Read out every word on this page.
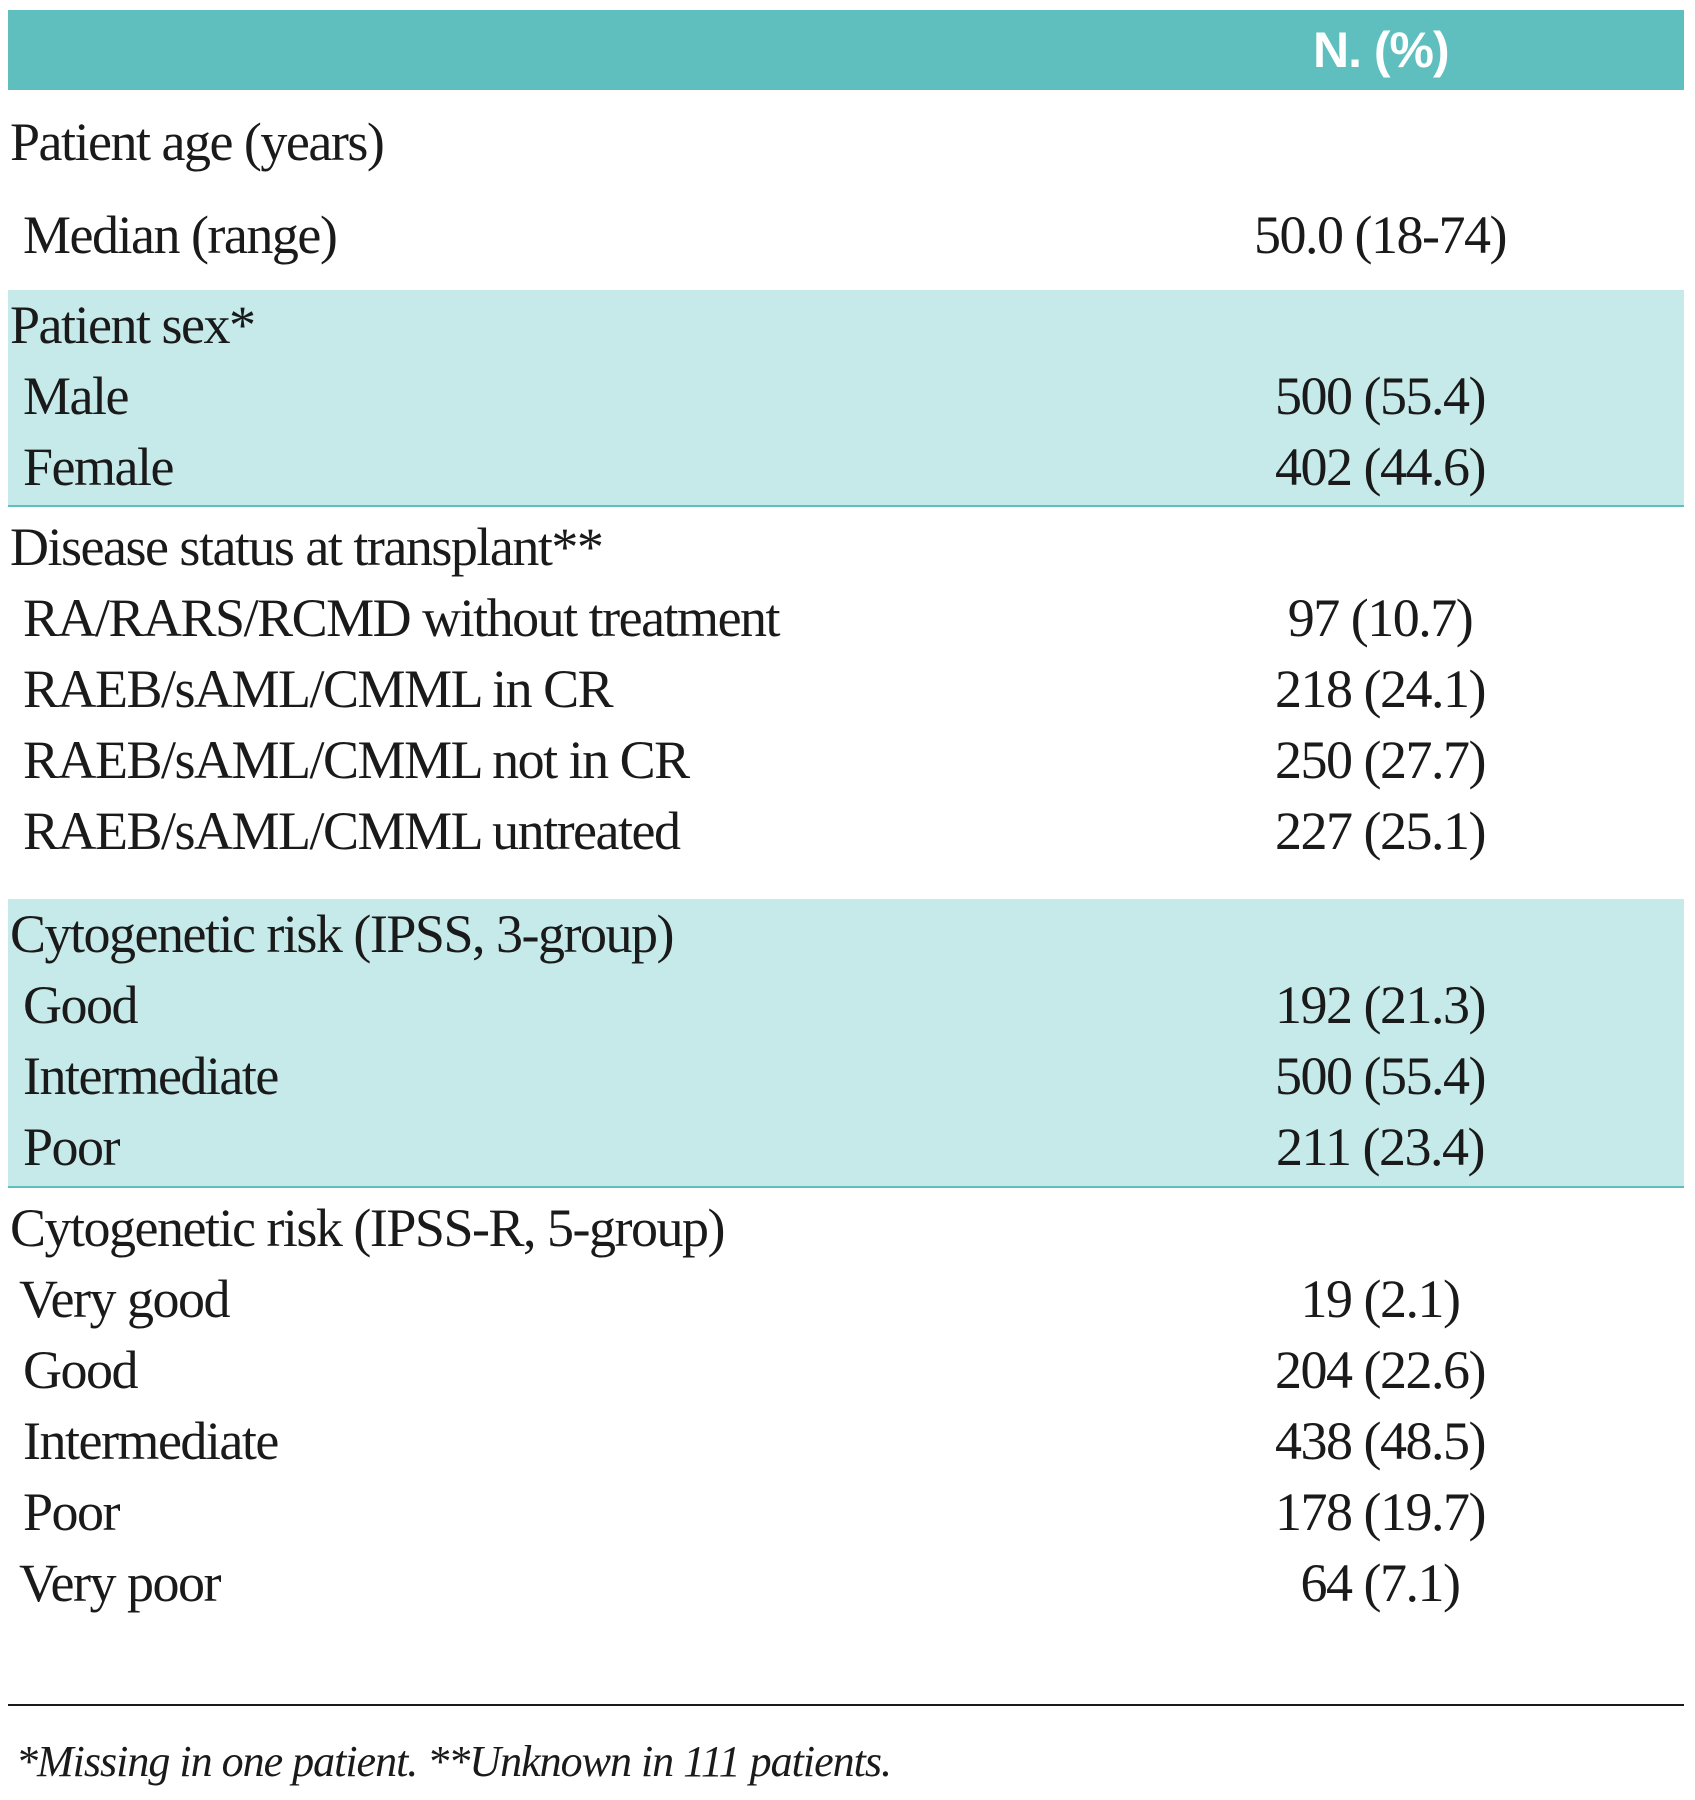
N. (%)
Patient age (years)
Median (range)	50.0 (18-74)
Patient sex*
Male	500 (55.4)
Female	402 (44.6)
Disease status at transplant**
RA/RARS/RCMD without treatment	97 (10.7)
RAEB/sAML/CMML in CR	218 (24.1)
RAEB/sAML/CMML not in CR	250 (27.7)
RAEB/sAML/CMML untreated	227 (25.1)
Cytogenetic risk (IPSS, 3-group)
Good	192 (21.3)
Intermediate	500 (55.4)
Poor	211 (23.4)
Cytogenetic risk (IPSS-R, 5-group)
Very good	19 (2.1)
Good	204 (22.6)
Intermediate	438 (48.5)
Poor	178 (19.7)
Very poor	64 (7.1)
*Missing in one patient. **Unknown in 111 patients.
